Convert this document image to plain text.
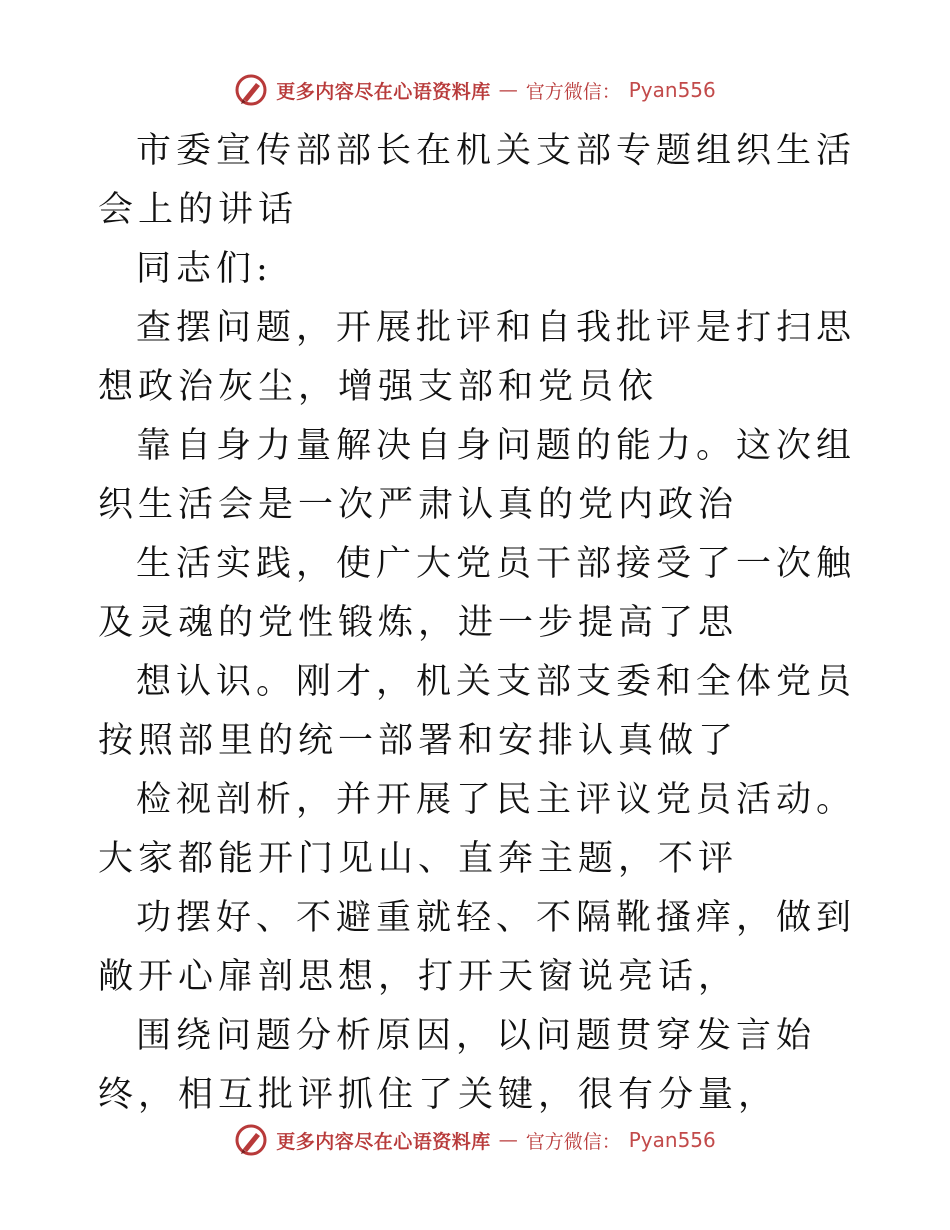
更多内容尽在心语资料库 — 官方微信： Pyan556

市委宣传部部长在机关支部专题组织生活会上的讲话

同志们:

查摆问题，开展批评和自我批评是打扫思想政治灰尘，增强支部和党员依

靠自身力量解决自身问题的能力。这次组织生活会是一次严肃认真的党内政治

生活实践，使广大党员干部接受了一次触及灵魂的党性锻炼，进一步提高了思

想认识。刚才，机关支部支委和全体党员按照部里的统一部署和安排认真做了

检视剖析，并开展了民主评议党员活动。大家都能开门见山、直奔主题，不评

功摆好、不避重就轻、不隔靴搔痒，做到敞开心扉剖思想，打开天窗说亮话，

围绕问题分析原因，以问题贯穿发言始终，相互批评抓住了关键，很有分量，

更多内容尽在心语资料库 — 官方微信： Pyan556
